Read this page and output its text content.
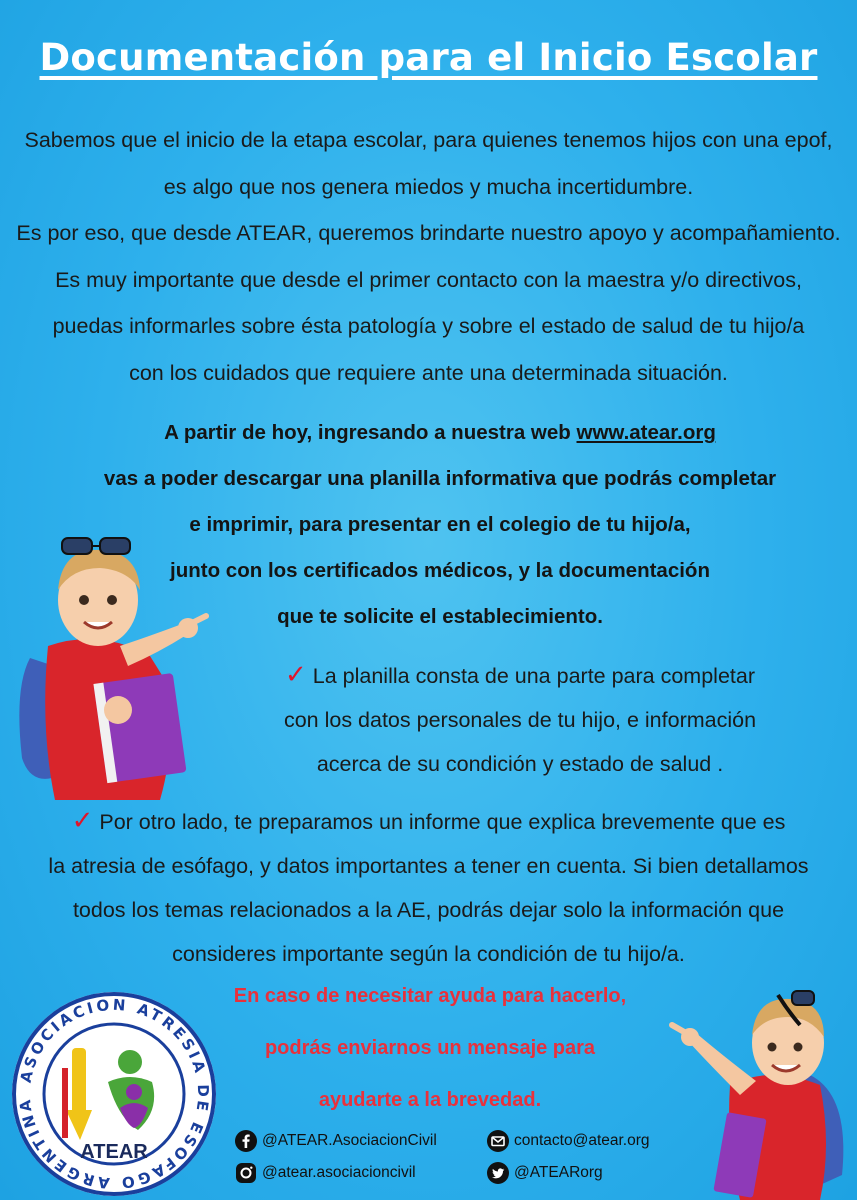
Documentación para el Inicio Escolar
Sabemos que el inicio de la etapa escolar, para quienes tenemos hijos con una epof,
es algo que nos genera miedos y mucha incertidumbre.
Es por eso, que desde ATEAR, queremos brindarte nuestro apoyo y acompañamiento.
Es muy importante que desde el primer contacto con la maestra y/o directivos,
puedas informarles sobre ésta patología y sobre el estado de salud de tu hijo/a
con los cuidados que requiere ante una determinada situación.
A partir de hoy, ingresando a nuestra web www.atear.org
vas a poder descargar una planilla informativa que podrás completar
e imprimir, para presentar en el colegio de tu hijo/a,
junto con los certificados médicos, y la documentación
que te solicite el establecimiento.
✓ La planilla consta de una parte para completar
con los datos personales de tu hijo, e información
acerca de su condición y estado de salud .
✓ Por otro lado, te preparamos un informe que explica brevemente que es
la atresia de esófago, y datos importantes a tener en cuenta. Si bien detallamos
todos los temas relacionados a la AE, podrás dejar solo la información que
consideres importante según la condición de tu hijo/a.
En caso de necesitar ayuda para hacerlo,
podrás enviarnos un mensaje para
ayudarte a la brevedad.
ASOCIACION ATRESIA DE ESOFAGO ARGENTINA
ATEAR
@ATEAR.AsociacionCivil
@atear.asociacioncivil
contacto@atear.org
@ATEARorg
